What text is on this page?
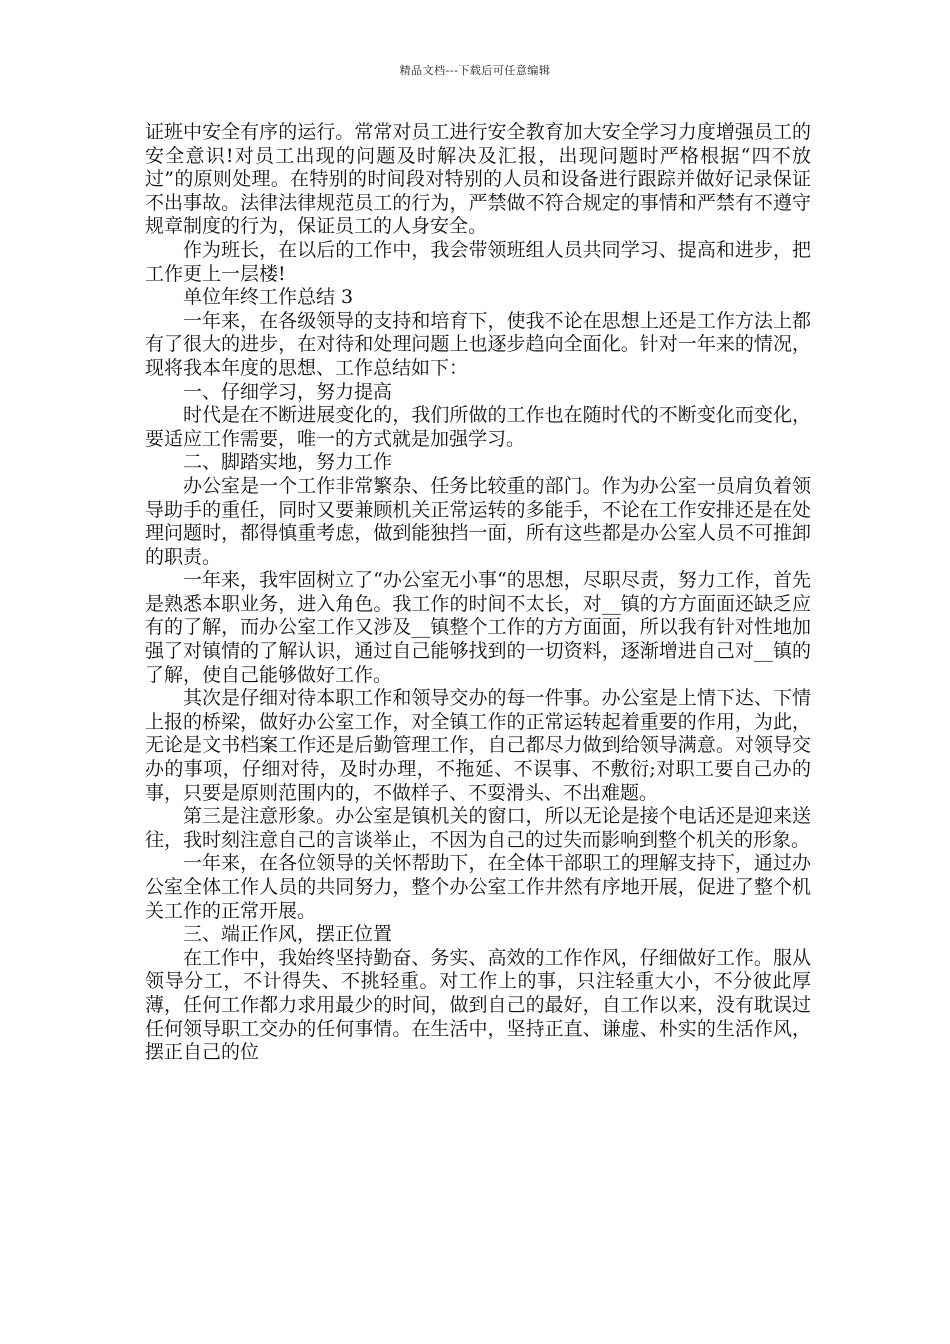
精品文档---下载后可任意编辑

证班中安全有序的运行。常常对员工进行安全教育加大安全学习力度增强员工的安全意识!对员工出现的问题及时解决及汇报，出现问题时严格根据“四不放过”的原则处理。在特别的时间段对特别的人员和设备进行跟踪并做好记录保证不出事故。法律法律规范员工的行为，严禁做不符合规定的事情和严禁有不遵守规章制度的行为，保证员工的人身安全。

作为班长，在以后的工作中，我会带领班组人员共同学习、提高和进步，把工作更上一层楼!

单位年终工作总结 3

一年来，在各级领导的支持和培育下，使我不论在思想上还是工作方法上都有了很大的进步，在对待和处理问题上也逐步趋向全面化。针对一年来的情况，现将我本年度的思想、工作总结如下：

一、仔细学习，努力提高

时代是在不断进展变化的，我们所做的工作也在随时代的不断变化而变化，要适应工作需要，唯一的方式就是加强学习。

二、脚踏实地，努力工作

办公室是一个工作非常繁杂、任务比较重的部门。作为办公室一员肩负着领导助手的重任，同时又要兼顾机关正常运转的多能手，不论在工作安排还是在处理问题时，都得慎重考虑，做到能独挡一面，所有这些都是办公室人员不可推卸的职责。

一年来，我牢固树立了“办公室无小事“的思想，尽职尽责，努力工作，首先是熟悉本职业务，进入角色。我工作的时间不太长，对__镇的方方面面还缺乏应有的了解，而办公室工作又涉及__镇整个工作的方方面面，所以我有针对性地加强了对镇情的了解认识，通过自己能够找到的一切资料，逐渐增进自己对__镇的了解，使自己能够做好工作。

其次是仔细对待本职工作和领导交办的每一件事。办公室是上情下达、下情上报的桥梁，做好办公室工作，对全镇工作的正常运转起着重要的作用，为此，无论是文书档案工作还是后勤管理工作，自己都尽力做到给领导满意。对领导交办的事项，仔细对待，及时办理，不拖延、不误事、不敷衍;对职工要自己办的事，只要是原则范围内的，不做样子、不耍滑头、不出难题。

第三是注意形象。办公室是镇机关的窗口，所以无论是接个电话还是迎来送往，我时刻注意自己的言谈举止，不因为自己的过失而影响到整个机关的形象。

一年来，在各位领导的关怀帮助下，在全体干部职工的理解支持下，通过办公室全体工作人员的共同努力，整个办公室工作井然有序地开展，促进了整个机关工作的正常开展。

三、端正作风，摆正位置

在工作中，我始终坚持勤奋、务实、高效的工作作风，仔细做好工作。服从领导分工，不计得失、不挑轻重。对工作上的事，只注轻重大小，不分彼此厚薄，任何工作都力求用最少的时间，做到自己的最好，自工作以来，没有耽误过任何领导职工交办的任何事情。在生活中，坚持正直、谦虚、朴实的生活作风，摆正自己的位
